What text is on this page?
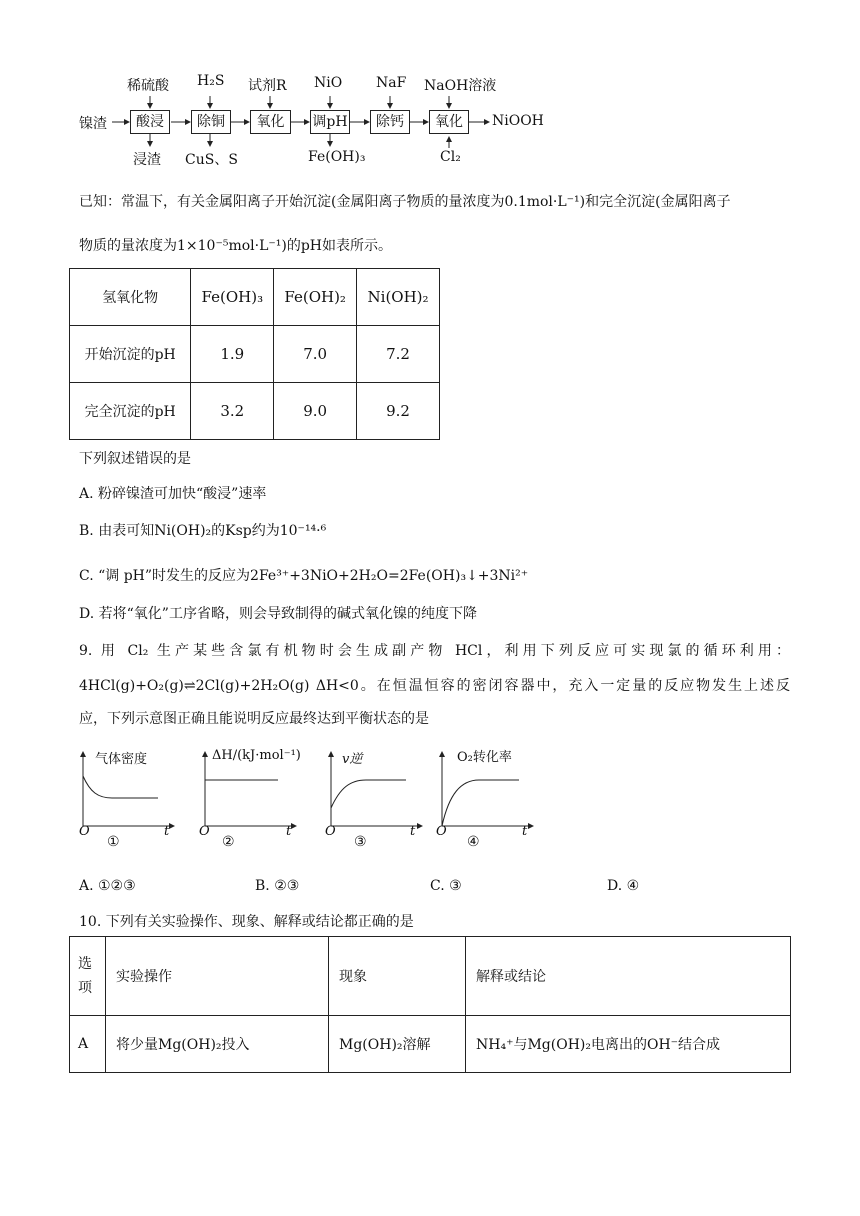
镍渣	酸浸	除铜	氧化	调pH	除钙	氧化	NiOOH
稀硫酸 H₂S 试剂R NiO NaF NaOH溶液
浸渣 CuS、S	Fe(OH)₃	Cl₂
已知：常温下，有关金属阳离子开始沉淀(金属阳离子物质的量浓度为0.1mol·L⁻¹)和完全沉淀(金属阳离子
物质的量浓度为1×10⁻⁵mol·L⁻¹)的pH如表所示。
氢氧化物	Fe(OH)₃	Fe(OH)₂	Ni(OH)₂
开始沉淀的pH	1.9	7.0	7.2
完全沉淀的pH	3.2	9.0	9.2
下列叙述错误的是
A. 粉碎镍渣可加快“酸浸”速率
B. 由表可知Ni(OH)₂的Ksp约为10⁻¹⁴·⁶
C. “调 pH”时发生的反应为2Fe³⁺+3NiO+2H₂O=2Fe(OH)₃↓+3Ni²⁺
D. 若将“氧化”工序省略，则会导致制得的碱式氧化镍的纯度下降
9. 用 Cl₂ 生产某些含氯有机物时会生成副产物 HCl，利用下列反应可实现氯的循环利用：
4HCl(g)+O₂(g)⇌2Cl(g)+2H₂O(g) ΔH<0。在恒温恒容的密闭容器中，充入一定量的反应物发生上述反
应，下列示意图正确且能说明反应最终达到平衡状态的是
气体密度
O	t
①
ΔH/(kJ·mol⁻¹)
O	t
②
v逆
O	t
③
O₂转化率
O	t
④
A. ①②③	B. ②③	C. ③	D. ④
10. 下列有关实验操作、现象、解释或结论都正确的是
选项	实验操作	现象	解释或结论
A	将少量Mg(OH)₂投入	Mg(OH)₂溶解	NH₄⁺与Mg(OH)₂电离出的OH⁻结合成
